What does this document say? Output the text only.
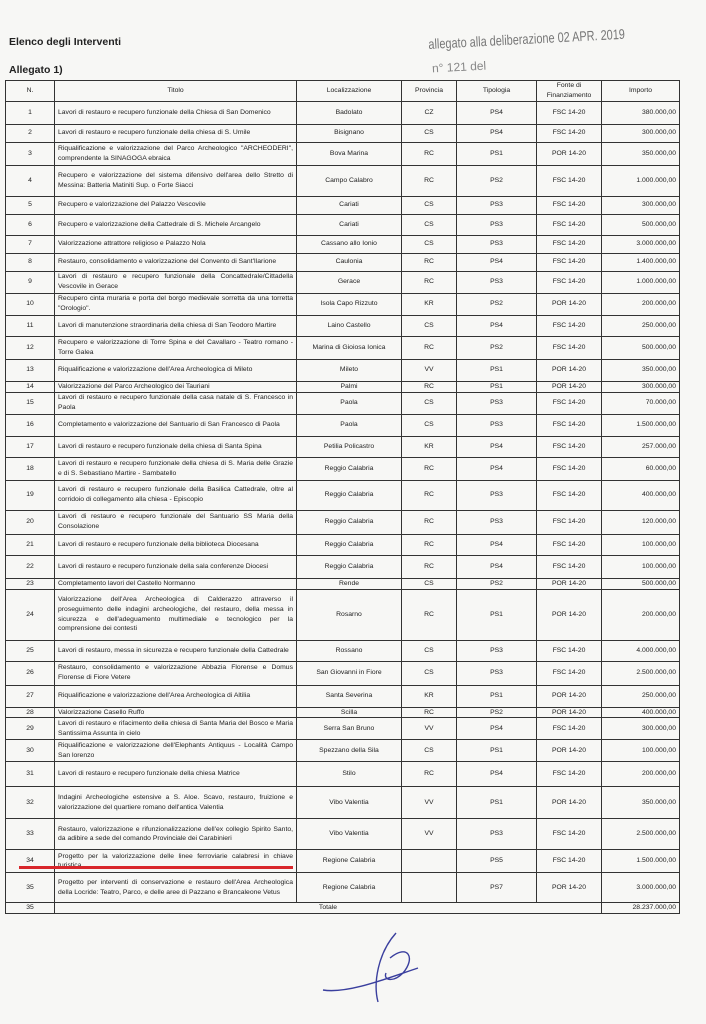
Elenco degli Interventi
Allegato 1)
allegato alla deliberazione 02 APR. 2019
n° 121 del
N.	Titolo	Localizzazione	Provincia	Tipologia	Fonte di Finanziamento	Importo
1	Lavori di restauro e recupero funzionale della Chiesa di San Domenico	Badolato	CZ	PS4	FSC 14-20	380.000,00
2	Lavori di restauro e recupero funzionale della chiesa di S. Umile	Bisignano	CS	PS4	FSC 14-20	300.000,00
3	Riqualificazione e valorizzazione del Parco Archeologico "ARCHEODERI", comprendente la SINAGOGA ebraica	Bova Marina	RC	PS1	POR 14-20	350.000,00
4	Recupero e valorizzazione del sistema difensivo dell'area dello Stretto di Messina: Batteria Matiniti Sup. o Forte Siacci	Campo Calabro	RC	PS2	FSC 14-20	1.000.000,00
5	Recupero e valorizzazione del Palazzo Vescovile	Cariati	CS	PS3	FSC 14-20	300.000,00
6	Recupero e valorizzazione della Cattedrale di S. Michele Arcangelo	Cariati	CS	PS3	FSC 14-20	500.000,00
7	Valorizzazione attrattore religioso e Palazzo Nola	Cassano allo Ionio	CS	PS3	FSC 14-20	3.000.000,00
8	Restauro, consolidamento e valorizzazione del Convento di Sant'Ilarione	Caulonia	RC	PS4	FSC 14-20	1.400.000,00
9	Lavori di restauro e recupero funzionale della Concattedrale/Cittadella Vescovile in Gerace	Gerace	RC	PS3	FSC 14-20	1.000.000,00
10	Recupero cinta muraria e porta del borgo medievale sorretta da una torretta "Orologio".	Isola Capo Rizzuto	KR	PS2	POR 14-20	200.000,00
11	Lavori di manutenzione straordinaria della chiesa di San Teodoro Martire	Laino Castello	CS	PS4	FSC 14-20	250.000,00
12	Recupero e valorizzazione di Torre Spina e del Cavallaro - Teatro romano - Torre Galea	Marina di Gioiosa Ionica	RC	PS2	FSC 14-20	500.000,00
13	Riqualificazione e valorizzazione dell'Area Archeologica di Mileto	Mileto	VV	PS1	POR 14-20	350.000,00
14	Valorizzazione del Parco Archeologico dei Tauriani	Palmi	RC	PS1	POR 14-20	300.000,00
15	Lavori di restauro e recupero funzionale della casa natale di S. Francesco in Paola	Paola	CS	PS3	FSC 14-20	70.000,00
16	Completamento e valorizzazione del Santuario di San Francesco di Paola	Paola	CS	PS3	FSC 14-20	1.500.000,00
17	Lavori di restauro e recupero funzionale della chiesa di Santa Spina	Petilia Policastro	KR	PS4	FSC 14-20	257.000,00
18	Lavori di restauro e recupero funzionale della chiesa di S. Maria delle Grazie e di S. Sebastiano Martire - Sambatello	Reggio Calabria	RC	PS4	FSC 14-20	60.000,00
19	Lavori di restauro e recupero funzionale della Basilica Cattedrale, oltre al corridoio di collegamento alla chiesa - Episcopio	Reggio Calabria	RC	PS3	FSC 14-20	400.000,00
20	Lavori di restauro e recupero funzionale del Santuario SS Maria della Consolazione	Reggio Calabria	RC	PS3	FSC 14-20	120.000,00
21	Lavori di restauro e recupero funzionale della biblioteca Diocesana	Reggio Calabria	RC	PS4	FSC 14-20	100.000,00
22	Lavori di restauro e recupero funzionale della sala conferenze Diocesi	Reggio Calabria	RC	PS4	FSC 14-20	100.000,00
23	Completamento lavori del Castello Normanno	Rende	CS	PS2	POR 14-20	500.000,00
24	Valorizzazione dell'Area Archeologica di Calderazzo attraverso il proseguimento delle indagini archeologiche, del restauro, della messa in sicurezza e dell'adeguamento multimediale e tecnologico per la comprensione dei contesti	Rosarno	RC	PS1	POR 14-20	200.000,00
25	Lavori di restauro, messa in sicurezza e recupero funzionale della Cattedrale	Rossano	CS	PS3	FSC 14-20	4.000.000,00
26	Restauro, consolidamento e valorizzazione Abbazia Florense e Domus Florense di Fiore Vetere	San Giovanni in Fiore	CS	PS3	FSC 14-20	2.500.000,00
27	Riqualificazione e valorizzazione dell'Area Archeologica di Altilia	Santa Severina	KR	PS1	POR 14-20	250.000,00
28	Valorizzazione Casello Ruffo	Scilla	RC	PS2	POR 14-20	400.000,00
29	Lavori di restauro e rifacimento della chiesa di Santa Maria del Bosco e Maria Santissima Assunta in cielo	Serra San Bruno	VV	PS4	FSC 14-20	300.000,00
30	Riqualificazione e valorizzazione dell'Elephants Antiquus - Località Campo San lorenzo	Spezzano della Sila	CS	PS1	POR 14-20	100.000,00
31	Lavori di restauro e recupero funzionale della chiesa Matrice	Stilo	RC	PS4	FSC 14-20	200.000,00
32	Indagini Archeologiche estensive a S. Aloe. Scavo, restauro, fruizione e valorizzazione del quartiere romano dell'antica Valentia	Vibo Valentia	VV	PS1	POR 14-20	350.000,00
33	Restauro, valorizzazione e rifunzionalizzazione dell'ex collegio Spirito Santo, da adibire a sede del comando Provinciale dei Carabinieri	Vibo Valentia	VV	PS3	FSC 14-20	2.500.000,00
34	Progetto per la valorizzazione delle linee ferroviarie calabresi in chiave	Regione Calabria		PS5	FSC 14-20	1.500.000,00
35	Progetto per interventi di conservazione e restauro dell'Area Archeologica della Locride: Teatro, Parco, e delle aree di Pazzano e Brancaleone Vetus	Regione Calabria		PS7	POR 14-20	3.000.000,00
35	Totale					28.237.000,00
